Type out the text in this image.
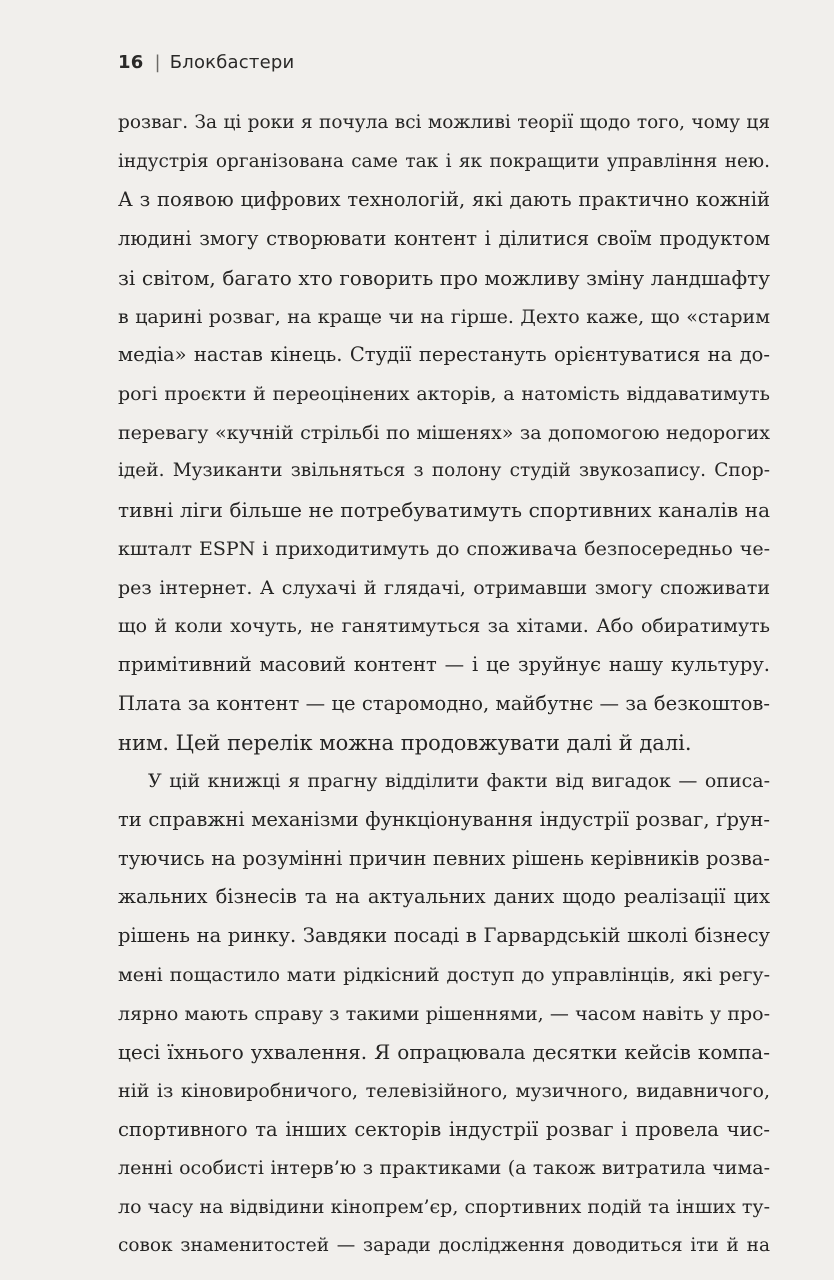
16 | Блокбастери
розваг. За ці роки я почула всі можливі теорії щодо того, чому ця
індустрія організована саме так і як покращити управління нею.
А з появою цифрових технологій, які дають практично кожній
людині змогу створювати контент і ділитися своїм продуктом
зі світом, багато хто говорить про можливу зміну ландшафту
в царині розваг, на краще чи на гірше. Дехто каже, що «старим
медіа» настав кінець. Студії перестануть орієнтуватися на до-
рогі проєкти й переоцінених акторів, а натомість віддаватимуть
перевагу «кучній стрільбі по мішенях» за допомогою недорогих
ідей. Музиканти звільняться з полону студій звукозапису. Спор-
тивні ліги більше не потребуватимуть спортивних каналів на
кшталт ESPN і приходитимуть до споживача безпосередньо че-
рез інтернет. А слухачі й глядачі, отримавши змогу споживати
що й коли хочуть, не ганятимуться за хітами. Або обиратимуть
примітивний масовий контент — і це зруйнує нашу культуру.
Плата за контент — це старомодно, майбутнє — за безкоштов-
ним. Цей перелік можна продовжувати далі й далі.
У цій книжці я прагну відділити факти від вигадок — описа-
ти справжні механізми функціонування індустрії розваг, ґрун-
туючись на розумінні причин певних рішень керівників розва-
жальних бізнесів та на актуальних даних щодо реалізації цих
рішень на ринку. Завдяки посаді в Гарвардській школі бізнесу
мені пощастило мати рідкісний доступ до управлінців, які регу-
лярно мають справу з такими рішеннями, — часом навіть у про-
цесі їхнього ухвалення. Я опрацювала десятки кейсів компа-
ній із кіновиробничого, телевізійного, музичного, видавничого,
спортивного та інших секторів індустрії розваг і провела чис-
ленні особисті інтерв’ю з практиками (а також витратила чима-
ло часу на відвідини кінопрем’єр, спортивних подій та інших ту-
совок знаменитостей — заради дослідження доводиться іти й на
